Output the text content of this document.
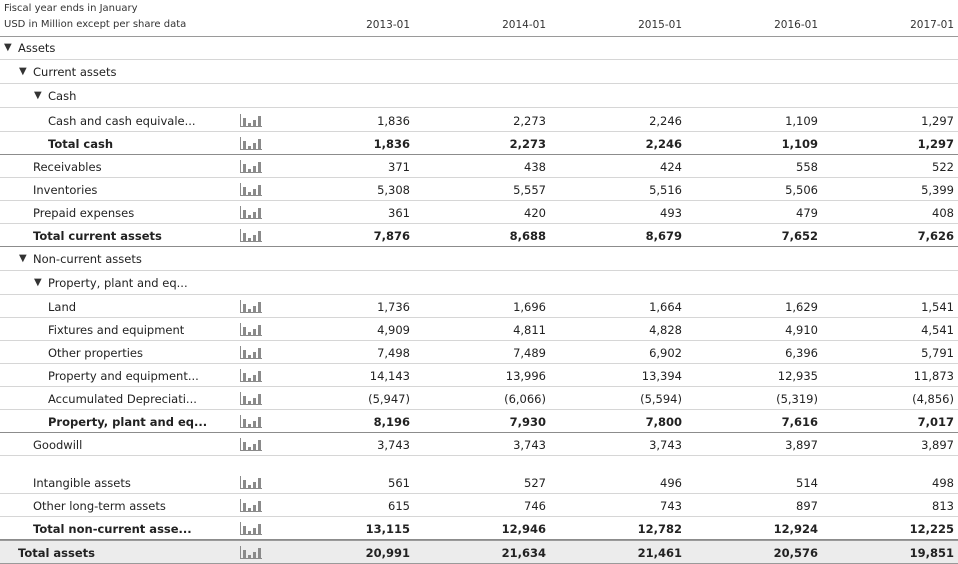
Fiscal year ends in January
USD in Million except per share data	2013-01	2014-01	2015-01	2016-01	2017-01
▼ Assets
▼ Current assets
▼ Cash
Cash and cash equivale...	1,836	2,273	2,246	1,109	1,297
Total cash	1,836	2,273	2,246	1,109	1,297
Receivables	371	438	424	558	522
Inventories	5,308	5,557	5,516	5,506	5,399
Prepaid expenses	361	420	493	479	408
Total current assets	7,876	8,688	8,679	7,652	7,626
▼ Non-current assets
▼ Property, plant and eq...
Land	1,736	1,696	1,664	1,629	1,541
Fixtures and equipment	4,909	4,811	4,828	4,910	4,541
Other properties	7,498	7,489	6,902	6,396	5,791
Property and equipment...	14,143	13,996	13,394	12,935	11,873
Accumulated Depreciati...	(5,947)	(6,066)	(5,594)	(5,319)	(4,856)
Property, plant and eq...	8,196	7,930	7,800	7,616	7,017
Goodwill	3,743	3,743	3,743	3,897	3,897
Intangible assets	561	527	496	514	498
Other long-term assets	615	746	743	897	813
Total non-current asse...	13,115	12,946	12,782	12,924	12,225
Total assets	20,991	21,634	21,461	20,576	19,851
